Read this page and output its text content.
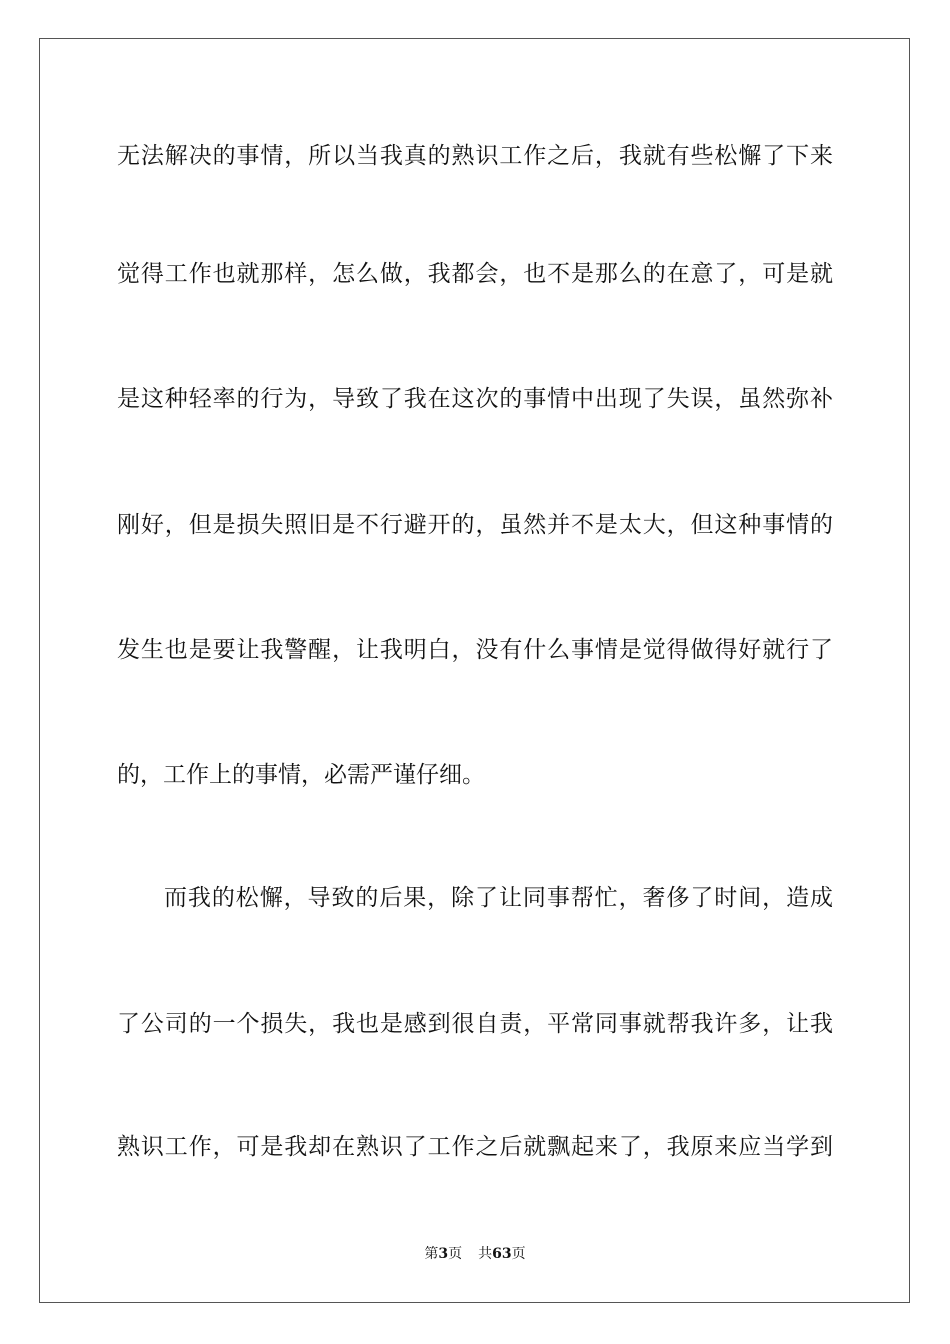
无法解决的事情，所以当我真的熟识工作之后，我就有些松懈了下来
觉得工作也就那样，怎么做，我都会，也不是那么的在意了，可是就
是这种轻率的行为，导致了我在这次的事情中出现了失误，虽然弥补
刚好，但是损失照旧是不行避开的，虽然并不是太大，但这种事情的
发生也是要让我警醒，让我明白，没有什么事情是觉得做得好就行了
的，工作上的事情，必需严谨仔细。
而我的松懈，导致的后果，除了让同事帮忙，奢侈了时间，造成
了公司的一个损失，我也是感到很自责，平常同事就帮我许多，让我
熟识工作，可是我却在熟识了工作之后就飘起来了，我原来应当学到
第3页 共63页
